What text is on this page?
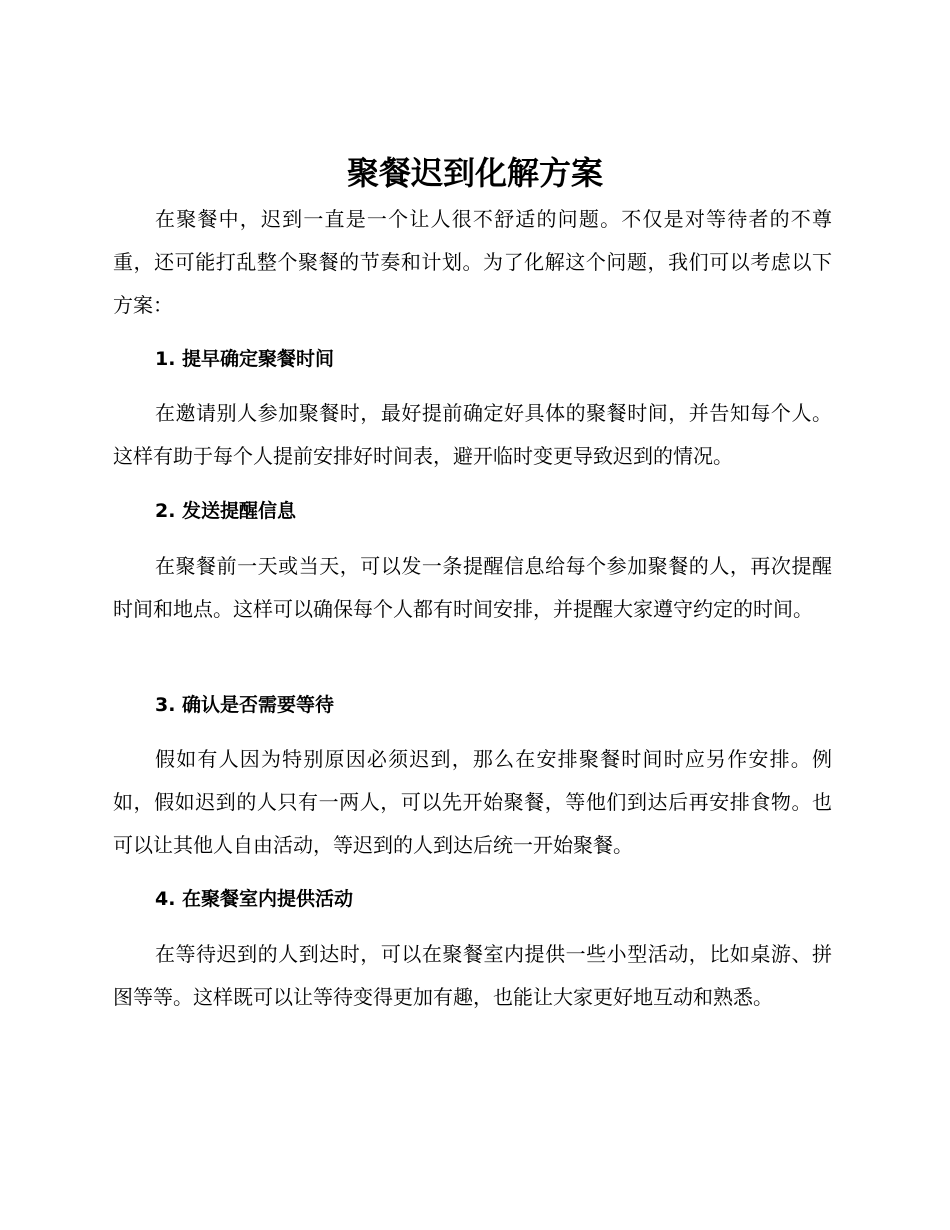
聚餐迟到化解方案

在聚餐中，迟到一直是一个让人很不舒适的问题。不仅是对等待者的不尊重，还可能打乱整个聚餐的节奏和计划。为了化解这个问题，我们可以考虑以下方案：

1. 提早确定聚餐时间

在邀请别人参加聚餐时，最好提前确定好具体的聚餐时间，并告知每个人。这样有助于每个人提前安排好时间表，避开临时变更导致迟到的情况。

2. 发送提醒信息

在聚餐前一天或当天，可以发一条提醒信息给每个参加聚餐的人，再次提醒时间和地点。这样可以确保每个人都有时间安排，并提醒大家遵守约定的时间。

3. 确认是否需要等待

假如有人因为特别原因必须迟到，那么在安排聚餐时间时应另作安排。例如，假如迟到的人只有一两人，可以先开始聚餐，等他们到达后再安排食物。也可以让其他人自由活动，等迟到的人到达后统一开始聚餐。

4. 在聚餐室内提供活动

在等待迟到的人到达时，可以在聚餐室内提供一些小型活动，比如桌游、拼图等等。这样既可以让等待变得更加有趣，也能让大家更好地互动和熟悉。
